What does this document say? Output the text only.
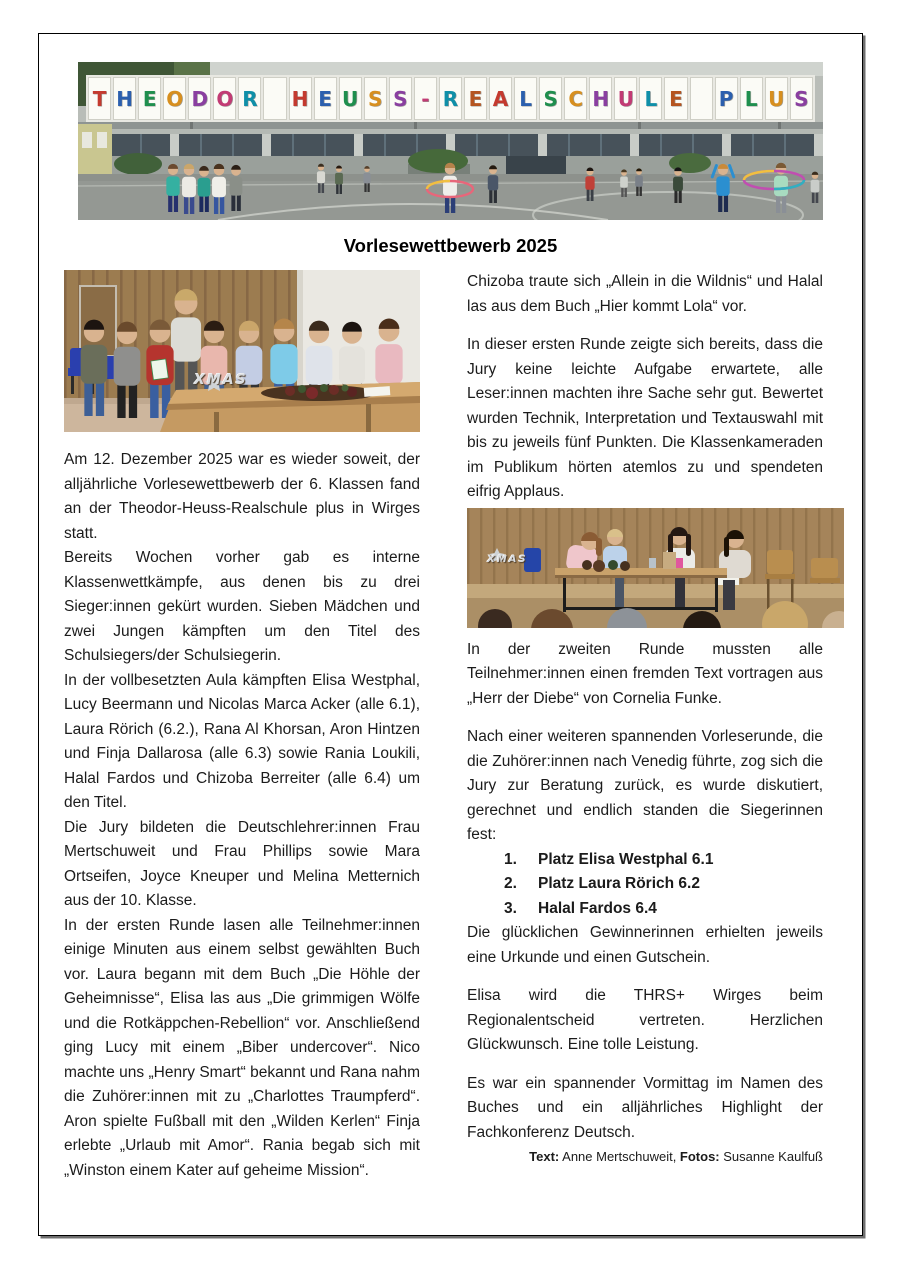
T H E O D O R H E U S S - R E A L S C H U L E P L U S
Vorlesewettbewerb 2025
XMAS

Am 12. Dezember 2025 war es wieder soweit, der alljährliche Vorlesewettbewerb der 6. Klassen fand an der Theodor-Heuss-Realschule plus in Wirges statt.

Bereits Wochen vorher gab es interne Klassenwettkämpfe, aus denen bis zu drei Sieger:innen gekürt wurden. Sieben Mädchen und zwei Jungen kämpften um den Titel des Schulsiegers/der Schulsiegerin.

In der vollbesetzten Aula kämpften Elisa Westphal, Lucy Beermann und Nicolas Marca Acker (alle 6.1), Laura Rörich (6.2.), Rana Al Khorsan, Aron Hintzen und Finja Dallarosa (alle 6.3) sowie Rania Loukili, Halal Fardos und Chizoba Berreiter (alle 6.4) um den Titel.

Die Jury bildeten die Deutschlehrer:innen Frau Mertschuweit und Frau Phillips sowie Mara Ortseifen, Joyce Kneuper und Melina Metternich aus der 10. Klasse.

In der ersten Runde lasen alle Teilnehmer:innen einige Minuten aus einem selbst gewählten Buch vor. Laura begann mit dem Buch „Die Höhle der Geheimnisse“, Elisa las aus „Die grimmigen Wölfe und die Rotkäppchen-Rebellion“ vor. Anschließend ging Lucy mit einem „Biber undercover“. Nico machte uns „Henry Smart“ bekannt und Rana nahm die Zuhörer:innen mit zu „Charlottes Traumpferd“. Aron spielte Fußball mit den „Wilden Kerlen“ Finja erlebte „Urlaub mit Amor“. Rania begab sich mit „Winston einem Kater auf geheime Mission“.

Chizoba traute sich „Allein in die Wildnis“ und Halal las aus dem Buch „Hier kommt Lola“ vor.

In dieser ersten Runde zeigte sich bereits, dass die Jury keine leichte Aufgabe erwartete, alle Leser:innen machten ihre Sache sehr gut. Bewertet wurden Technik, Interpretation und Textauswahl mit bis zu jeweils fünf Punkten. Die Klassenkameraden im Publikum hörten atemlos zu und spendeten eifrig Applaus.

XMAS

In der zweiten Runde mussten alle Teilnehmer:innen einen fremden Text vortragen aus „Herr der Diebe“ von Cornelia Funke.

Nach einer weiteren spannenden Vorleserunde, die die Zuhörer:innen nach Venedig führte, zog sich die Jury zur Beratung zurück, es wurde diskutiert, gerechnet und endlich standen die Siegerinnen fest:

1.	Platz Elisa Westphal 6.1
2.	Platz Laura Rörich 6.2
3.	Halal Fardos 6.4

Die glücklichen Gewinnerinnen erhielten jeweils eine Urkunde und einen Gutschein.

Elisa wird die THRS+ Wirges beim Regionalentscheid vertreten. Herzlichen Glückwunsch. Eine tolle Leistung.

Es war ein spannender Vormittag im Namen des Buches und ein alljährliches Highlight der Fachkonferenz Deutsch.

Text: Anne Mertschuweit, Fotos: Susanne Kaulfuß
